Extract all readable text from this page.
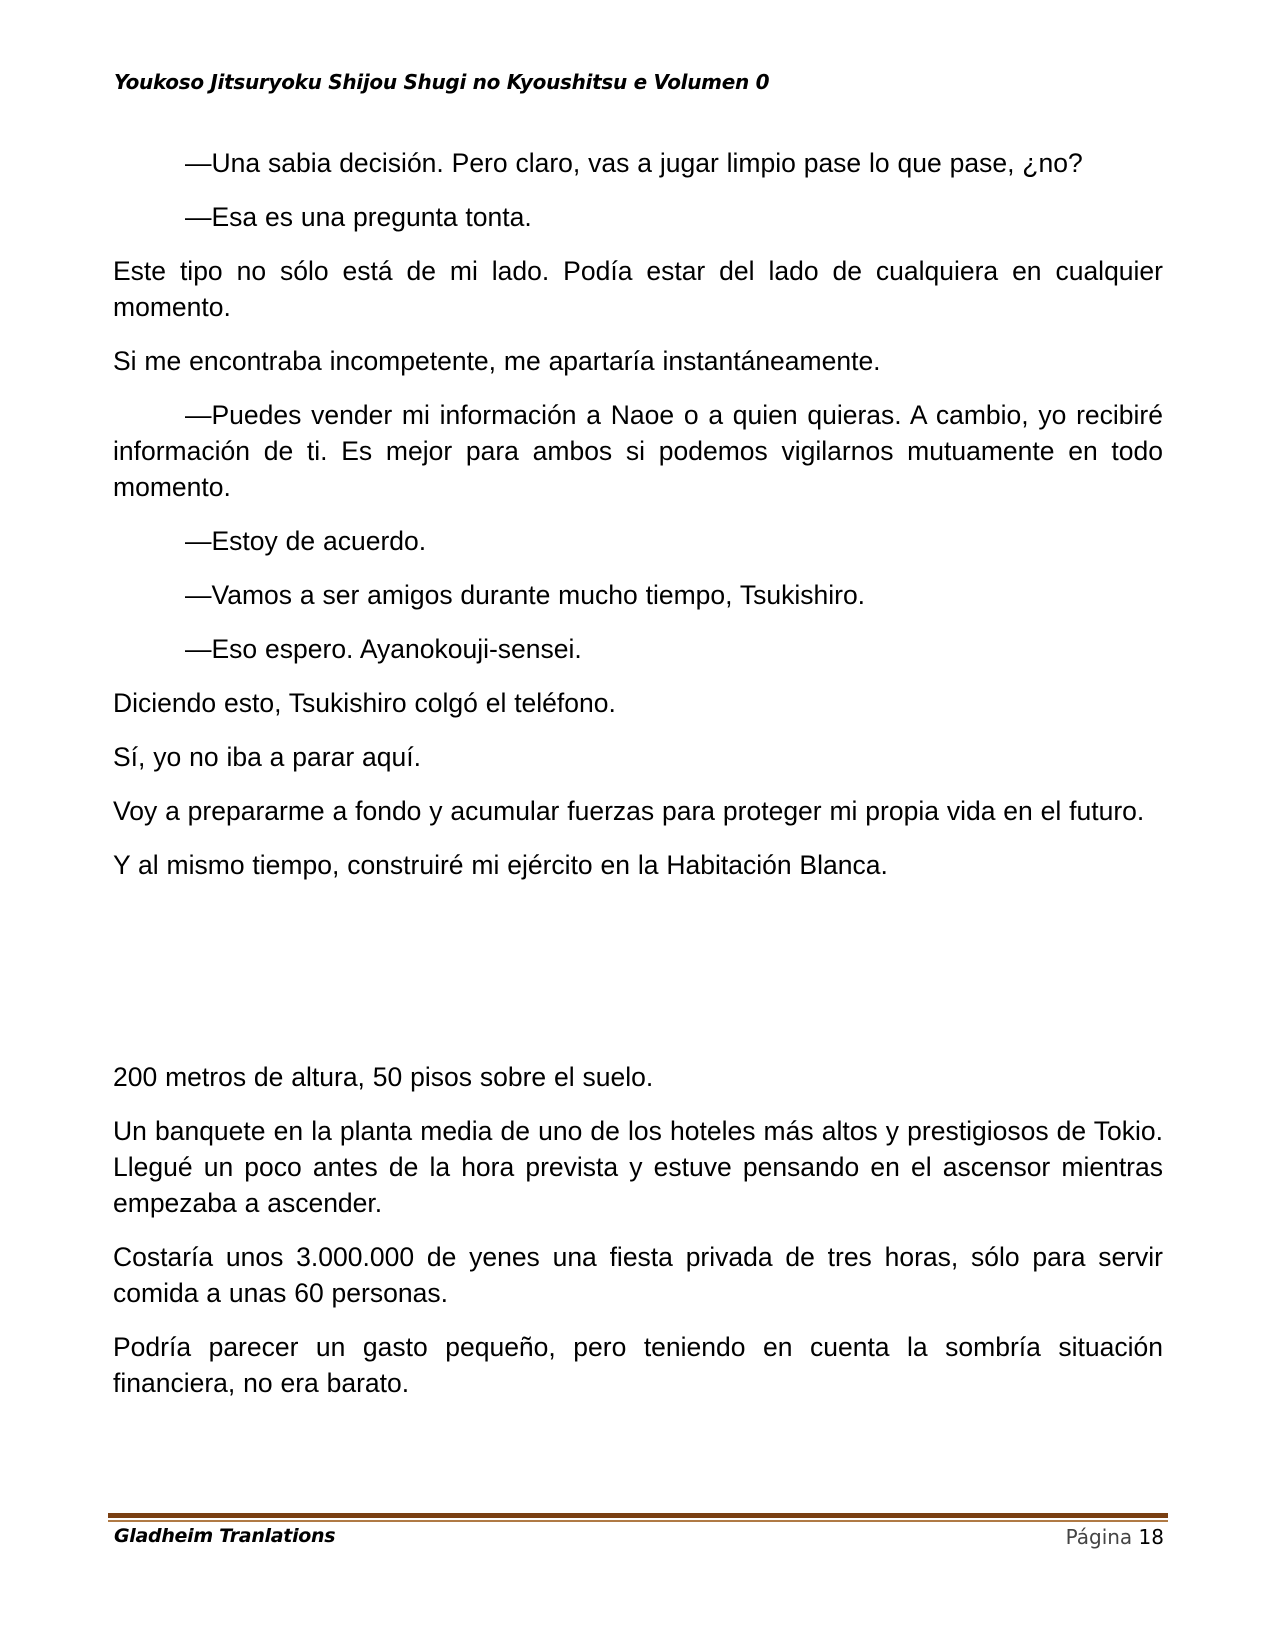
Youkoso Jitsuryoku Shijou Shugi no Kyoushitsu e Volumen 0

—Una sabia decisión. Pero claro, vas a jugar limpio pase lo que pase, ¿no?

—Esa es una pregunta tonta.

Este tipo no sólo está de mi lado. Podía estar del lado de cualquiera en cualquier momento.

Si me encontraba incompetente, me apartaría instantáneamente.

—Puedes vender mi información a Naoe o a quien quieras. A cambio, yo recibiré información de ti. Es mejor para ambos si podemos vigilarnos mutuamente en todo momento.

—Estoy de acuerdo.

—Vamos a ser amigos durante mucho tiempo, Tsukishiro.

—Eso espero. Ayanokouji-sensei.

Diciendo esto, Tsukishiro colgó el teléfono.

Sí, yo no iba a parar aquí.

Voy a prepararme a fondo y acumular fuerzas para proteger mi propia vida en el futuro.

Y al mismo tiempo, construiré mi ejército en la Habitación Blanca.

200 metros de altura, 50 pisos sobre el suelo.

Un banquete en la planta media de uno de los hoteles más altos y prestigiosos de Tokio. Llegué un poco antes de la hora prevista y estuve pensando en el ascensor mientras empezaba a ascender.

Costaría unos 3.000.000 de yenes una fiesta privada de tres horas, sólo para servir comida a unas 60 personas.

Podría parecer un gasto pequeño, pero teniendo en cuenta la sombría situación financiera, no era barato.

Gladheim Tranlations	Página 18
